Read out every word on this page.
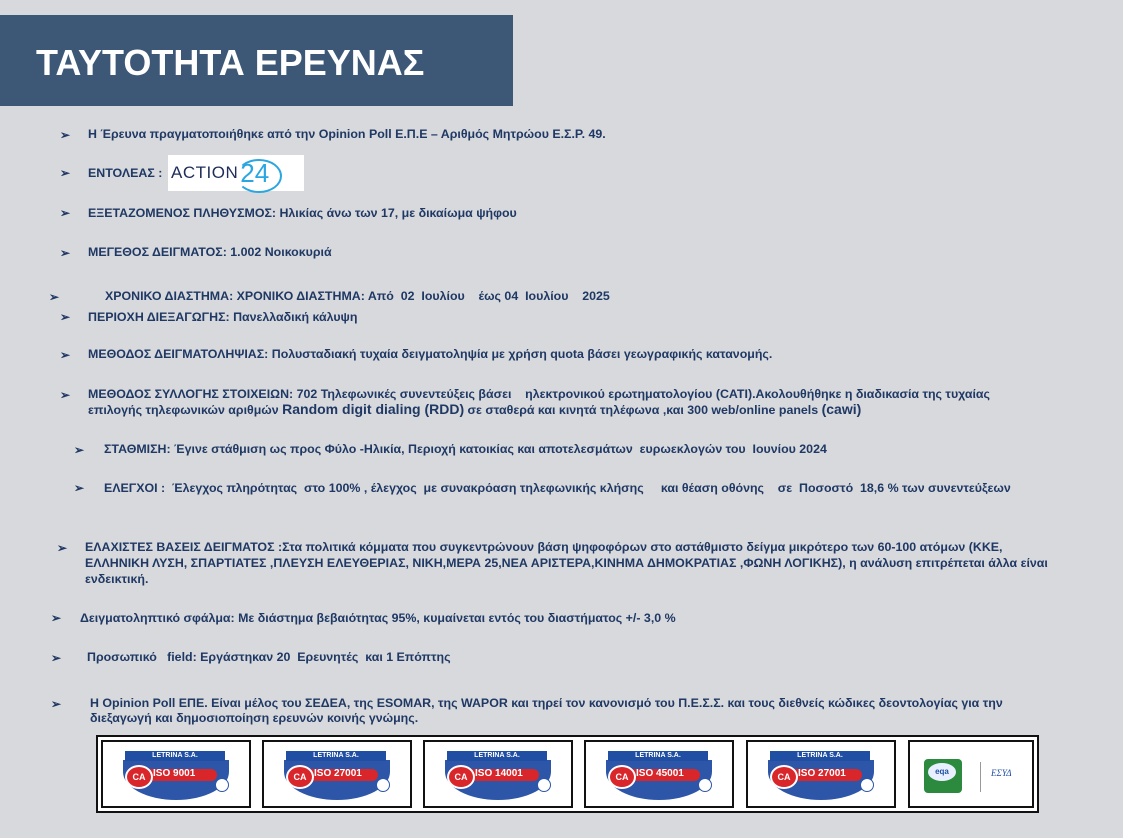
ΤΑΥΤΟΤΗΤΑ ΕΡΕΥΝΑΣ
➢ Η Έρευνα πραγματοποιήθηκε από την Opinion Poll Ε.Π.Ε – Αριθμός Μητρώου Ε.Σ.Ρ. 49.
➢ ΕΝΤΟΛΕΑΣ : ACTION 24
➢ ΕΞΕΤΑΖΟΜΕΝΟΣ ΠΛΗΘΥΣΜΟΣ: Ηλικίας άνω των 17, με δικαίωμα ψήφου
➢ ΜΕΓΕΘΟΣ ΔΕΙΓΜΑΤΟΣ: 1.002 Νοικοκυριά
➢	ΧΡΟΝΙΚΟ ΔΙΑΣΤΗΜΑ: ΧΡΟΝΙΚΟ ΔΙΑΣΤΗΜΑ: Από  02  Ιουλίου    έως 04  Ιουλίου    2025
➢ ΠΕΡΙΟΧΗ ΔΙΕΞΑΓΩΓΗΣ: Πανελλαδική κάλυψη
➢ ΜΕΘΟΔΟΣ ΔΕΙΓΜΑΤΟΛΗΨΙΑΣ: Πολυσταδιακή τυχαία δειγματοληψία με χρήση quota βάσει γεωγραφικής κατανομής.
➢ ΜΕΘΟΔΟΣ ΣΥΛΛΟΓΗΣ ΣΤΟΙΧΕΙΩΝ: 702 Τηλεφωνικές συνεντεύξεις βάσει    ηλεκτρονικού ερωτηματολογίου (CATI).Ακολουθήθηκε η διαδικασία της τυχαίας
επιλογής τηλεφωνικών αριθμών Random digit dialing (RDD) σε σταθερά και κινητά τηλέφωνα ,και 300 web/online panels (cawi)
➢ ΣΤΑΘΜΙΣΗ: Έγινε στάθμιση ως προς Φύλο -Ηλικία, Περιοχή κατοικίας και αποτελεσμάτων  ευρωεκλογών του  Ιουνίου 2024
➢ ΕΛΕΓΧΟΙ :  Έλεγχος πληρότητας  στο 100% , έλεγχος  με συνακρόαση τηλεφωνικής κλήσης     και θέαση οθόνης    σε  Ποσοστό  18,6 % των συνεντεύξεων
➢ ΕΛΑΧΙΣΤΕΣ ΒΑΣΕΙΣ ΔΕΙΓΜΑΤΟΣ :Στα πολιτικά κόμματα που συγκεντρώνουν βάση ψηφοφόρων στο αστάθμιστο δείγμα μικρότερο των 60-100 ατόμων (ΚΚΕ,
ΕΛΛΗΝΙΚΗ ΛΥΣΗ, ΣΠΑΡΤΙΑΤΕΣ ,ΠΛΕΥΣΗ ΕΛΕΥΘΕΡΙΑΣ, ΝΙΚΗ,ΜΕΡΑ 25,ΝΕΑ ΑΡΙΣΤΕΡΑ,ΚΙΝΗΜΑ ΔΗΜΟΚΡΑΤΙΑΣ ,ΦΩΝΗ ΛΟΓΙΚΗΣ), η ανάλυση επιτρέπεται άλλα είναι
ενδεικτική.
➢ Δειγματοληπτικό σφάλμα: Με διάστημα βεβαιότητας 95%, κυμαίνεται εντός του διαστήματος +/- 3,0 %
➢ Προσωπικό   field: Εργάστηκαν 20  Ερευνητές  και 1 Επόπτης
➢ Η Opinion Poll ΕΠΕ. Είναι μέλος του ΣΕΔΕΑ, της ESOMAR, της WAPOR και τηρεί τον κανονισμό του Π.Ε.Σ.Σ. και τους διεθνείς κώδικες δεοντολογίας για την
διεξαγωγή και δημοσιοποίηση ερευνών κοινής γνώμης.
LETRINA S.A.
CA ISO 9001
LETRINA S.A.
CA ISO 27001
LETRINA S.A.
CA ISO 14001
LETRINA S.A.
CA ISO 45001
LETRINA S.A.
CA ISO 27001	eqa	ΕΣΥΔ
